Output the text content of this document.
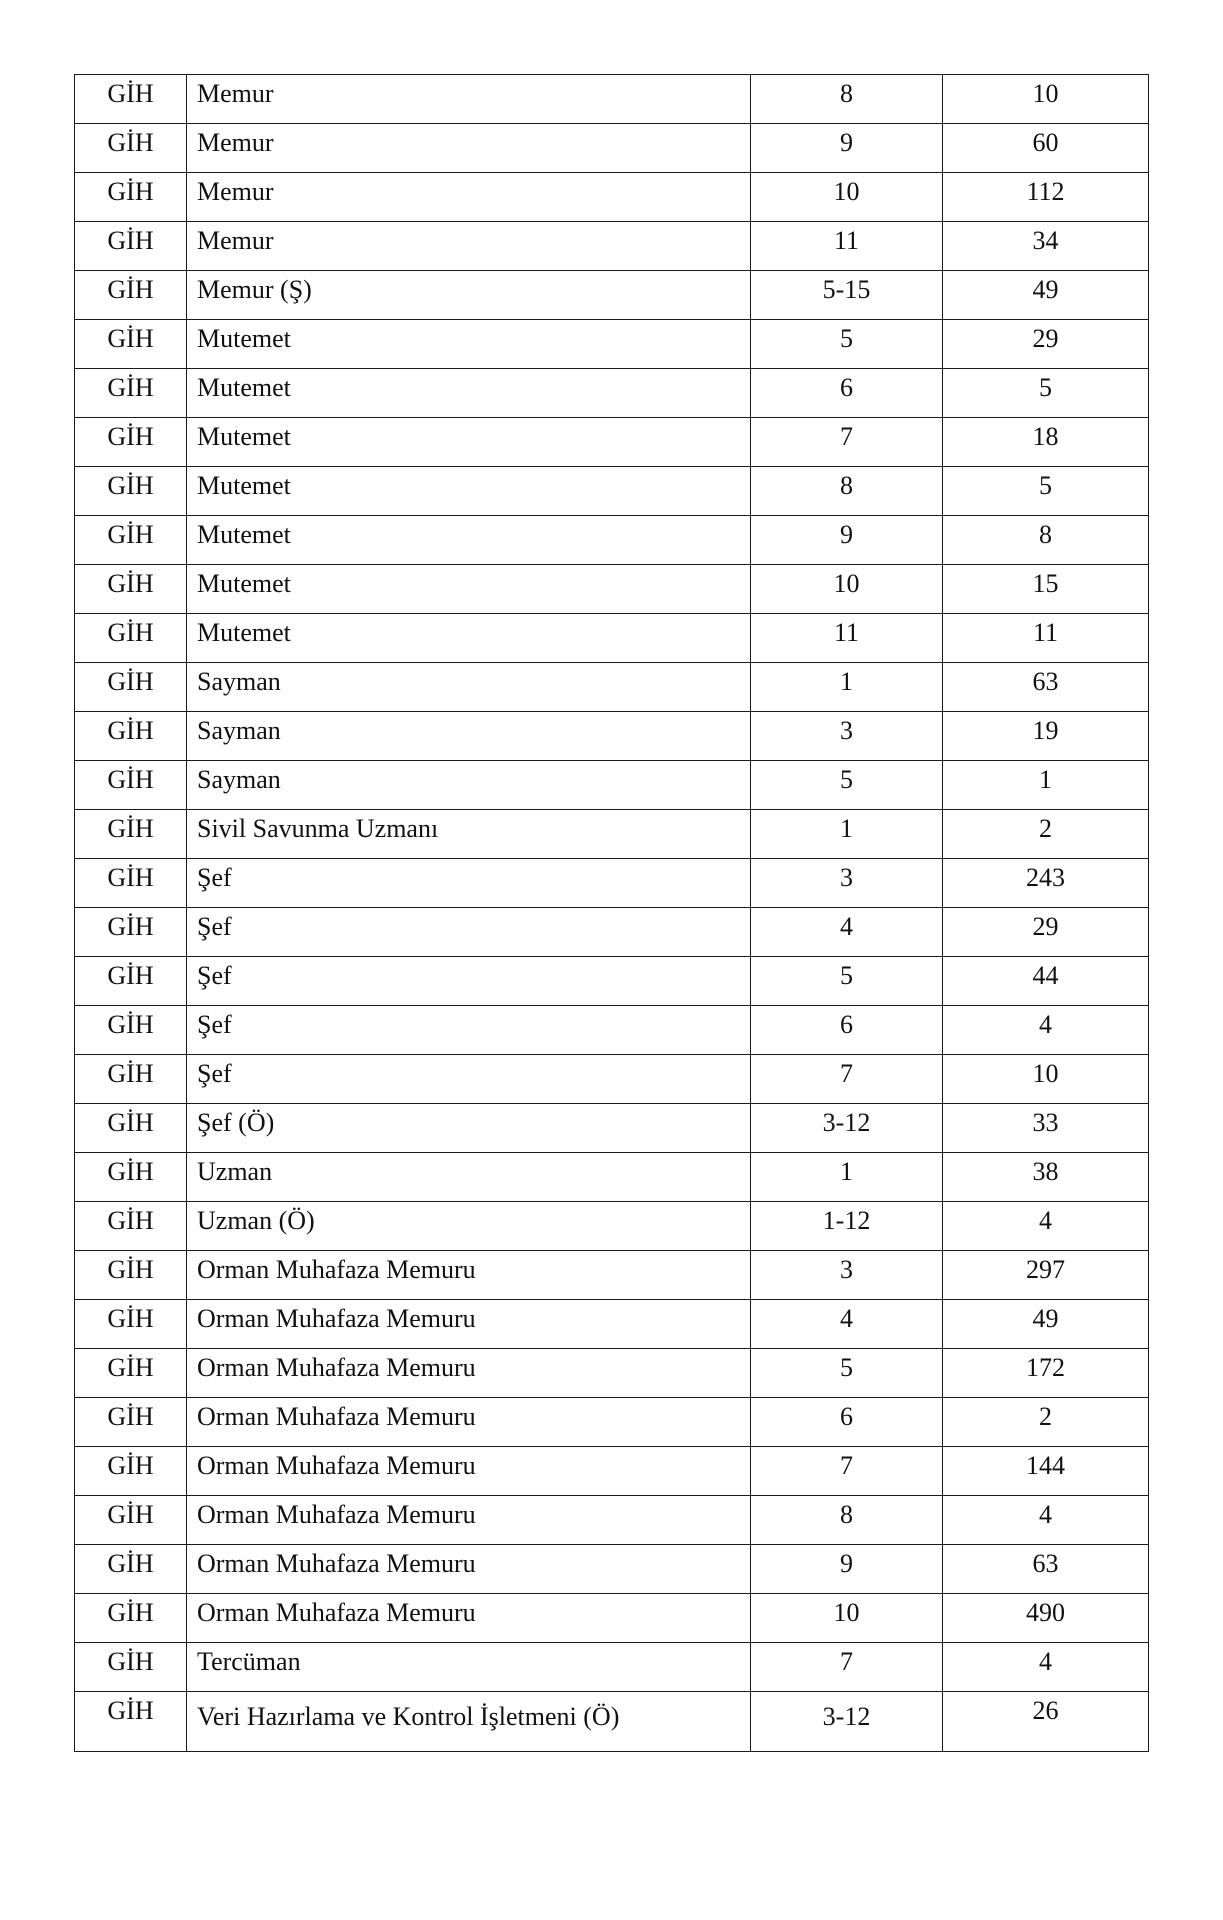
GİH	Memur	8	10
GİH	Memur	9	60
GİH	Memur	10	112
GİH	Memur	11	34
GİH	Memur (Ş)	5-15	49
GİH	Mutemet	5	29
GİH	Mutemet	6	5
GİH	Mutemet	7	18
GİH	Mutemet	8	5
GİH	Mutemet	9	8
GİH	Mutemet	10	15
GİH	Mutemet	11	11
GİH	Sayman	1	63
GİH	Sayman	3	19
GİH	Sayman	5	1
GİH	Sivil Savunma Uzmanı	1	2
GİH	Şef	3	243
GİH	Şef	4	29
GİH	Şef	5	44
GİH	Şef	6	4
GİH	Şef	7	10
GİH	Şef (Ö)	3-12	33
GİH	Uzman	1	38
GİH	Uzman (Ö)	1-12	4
GİH	Orman Muhafaza Memuru	3	297
GİH	Orman Muhafaza Memuru	4	49
GİH	Orman Muhafaza Memuru	5	172
GİH	Orman Muhafaza Memuru	6	2
GİH	Orman Muhafaza Memuru	7	144
GİH	Orman Muhafaza Memuru	8	4
GİH	Orman Muhafaza Memuru	9	63
GİH	Orman Muhafaza Memuru	10	490
GİH	Tercüman	7	4
GİH	Veri Hazırlama ve Kontrol İşletmeni (Ö)	3-12	26
